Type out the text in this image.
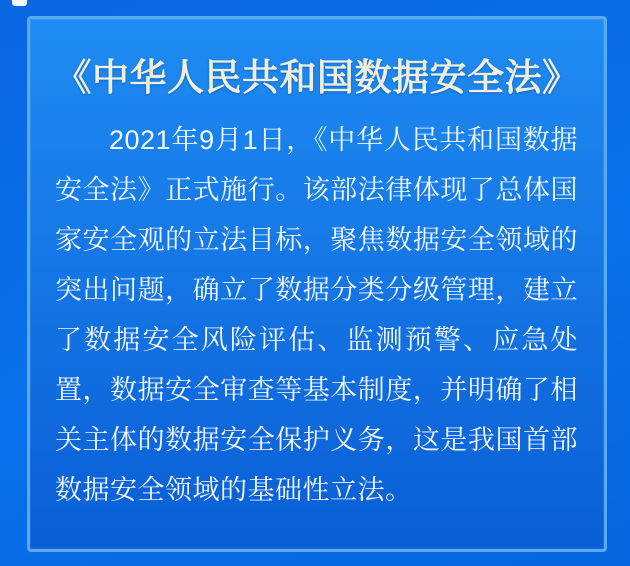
《中华人民共和国数据安全法》

2021年9月1日，《中华人民共和国数据安全法》正式施行。该部法律体现了总体国家安全观的立法目标，聚焦数据安全领域的突出问题，确立了数据分类分级管理，建立了数据安全风险评估、监测预警、应急处置，数据安全审查等基本制度，并明确了相关主体的数据安全保护义务，这是我国首部数据安全领域的基础性立法。
